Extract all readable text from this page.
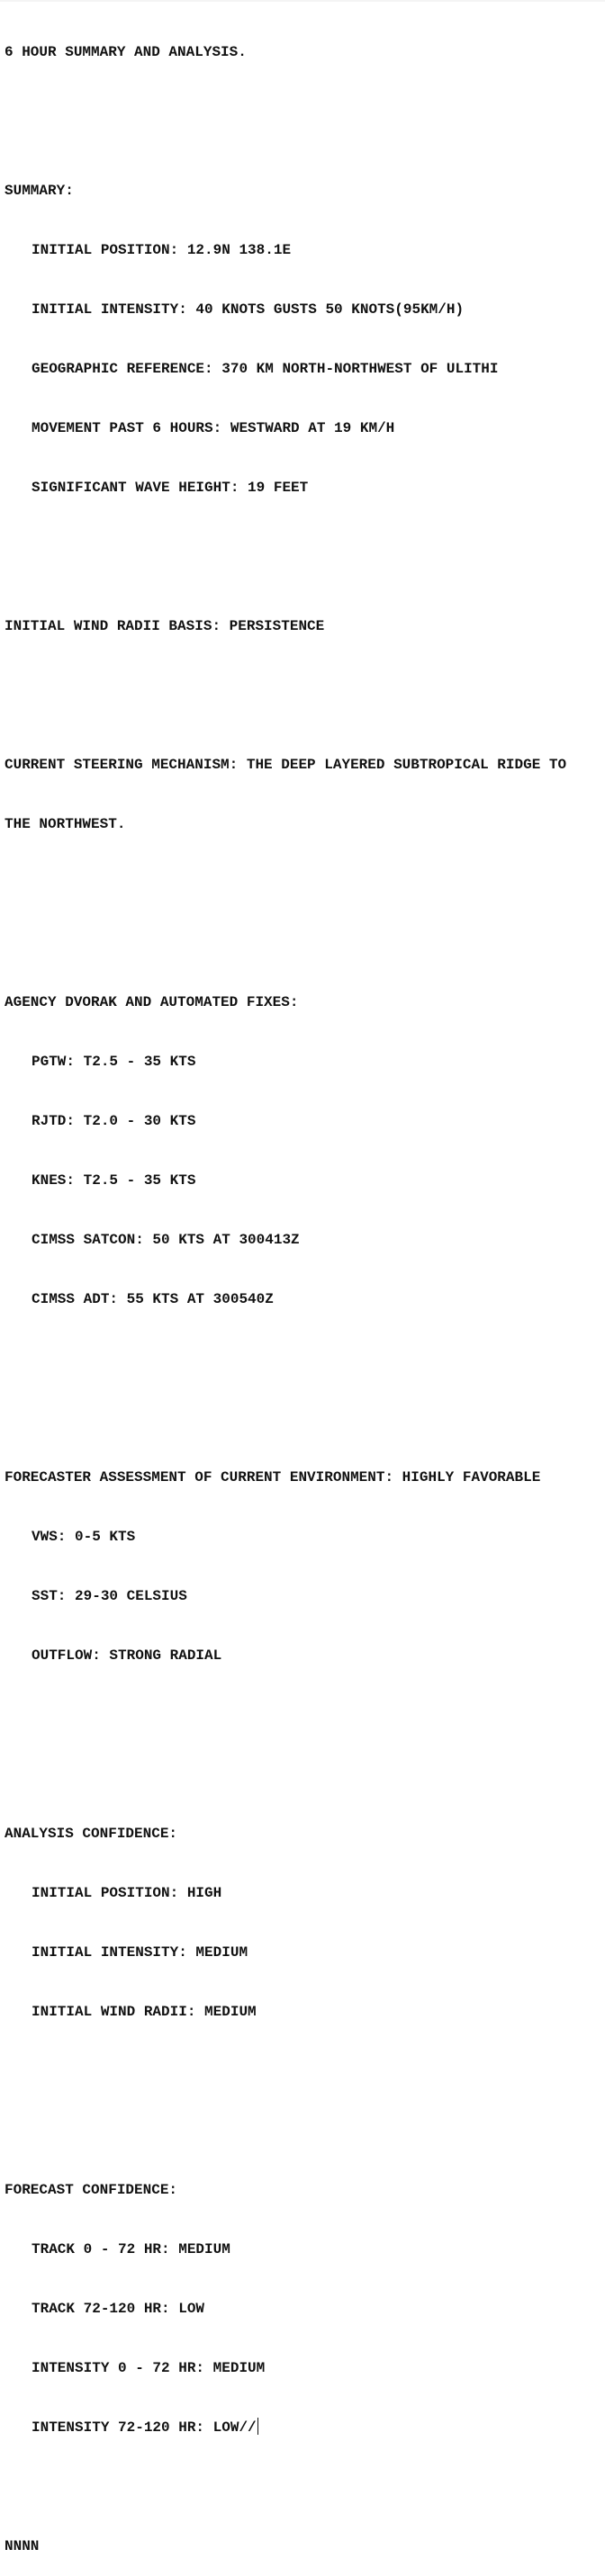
6 HOUR SUMMARY AND ANALYSIS.

SUMMARY:

INITIAL POSITION: 12.9N 138.1E

INITIAL INTENSITY: 40 KNOTS GUSTS 50 KNOTS(95KM/H)

GEOGRAPHIC REFERENCE: 370 KM NORTH-NORTHWEST OF ULITHI

MOVEMENT PAST 6 HOURS: WESTWARD AT 19 KM/H

SIGNIFICANT WAVE HEIGHT: 19 FEET

INITIAL WIND RADII BASIS: PERSISTENCE

CURRENT STEERING MECHANISM: THE DEEP LAYERED SUBTROPICAL RIDGE TO

THE NORTHWEST.

AGENCY DVORAK AND AUTOMATED FIXES:

PGTW: T2.5 - 35 KTS

RJTD: T2.0 - 30 KTS

KNES: T2.5 - 35 KTS

CIMSS SATCON: 50 KTS AT 300413Z

CIMSS ADT: 55 KTS AT 300540Z

FORECASTER ASSESSMENT OF CURRENT ENVIRONMENT: HIGHLY FAVORABLE

VWS: 0-5 KTS

SST: 29-30 CELSIUS

OUTFLOW: STRONG RADIAL

ANALYSIS CONFIDENCE:

INITIAL POSITION: HIGH

INITIAL INTENSITY: MEDIUM

INITIAL WIND RADII: MEDIUM

FORECAST CONFIDENCE:

TRACK 0 - 72 HR: MEDIUM

TRACK 72-120 HR: LOW

INTENSITY 0 - 72 HR: MEDIUM

INTENSITY 72-120 HR: LOW//

NNNN
